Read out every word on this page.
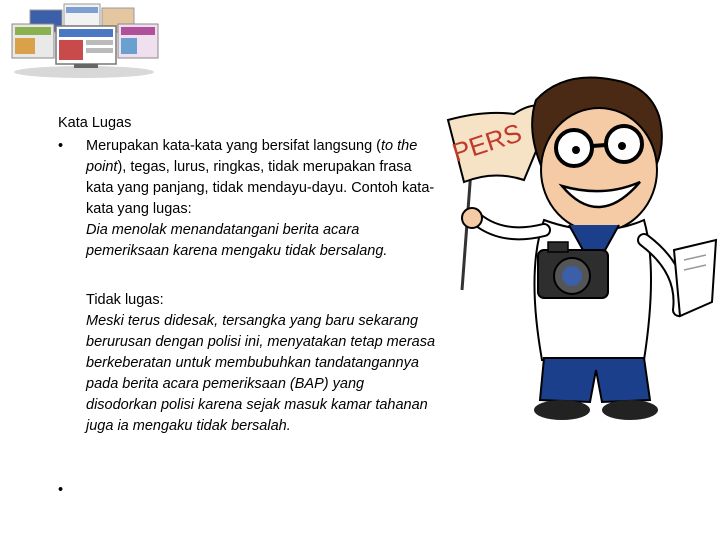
Kata Lugas
•	Merupakan kata-kata yang bersifat langsung (to the point), tegas, lurus, ringkas, tidak merupakan frasa kata yang panjang, tidak mendayu-dayu. Contoh kata-kata yang lugas:
Dia menolak menandatangani berita acara pemeriksaan karena mengaku tidak bersalang.
Tidak lugas:
Meski terus didesak, tersangka yang baru sekarang berurusan dengan polisi ini, menyatakan tetap merasa berkeberatan untuk membubuhkan tandatangannya pada berita acara pemeriksaan (BAP) yang disodorkan polisi karena sejak masuk kamar tahanan juga ia mengaku tidak bersalah.
•
PERS
